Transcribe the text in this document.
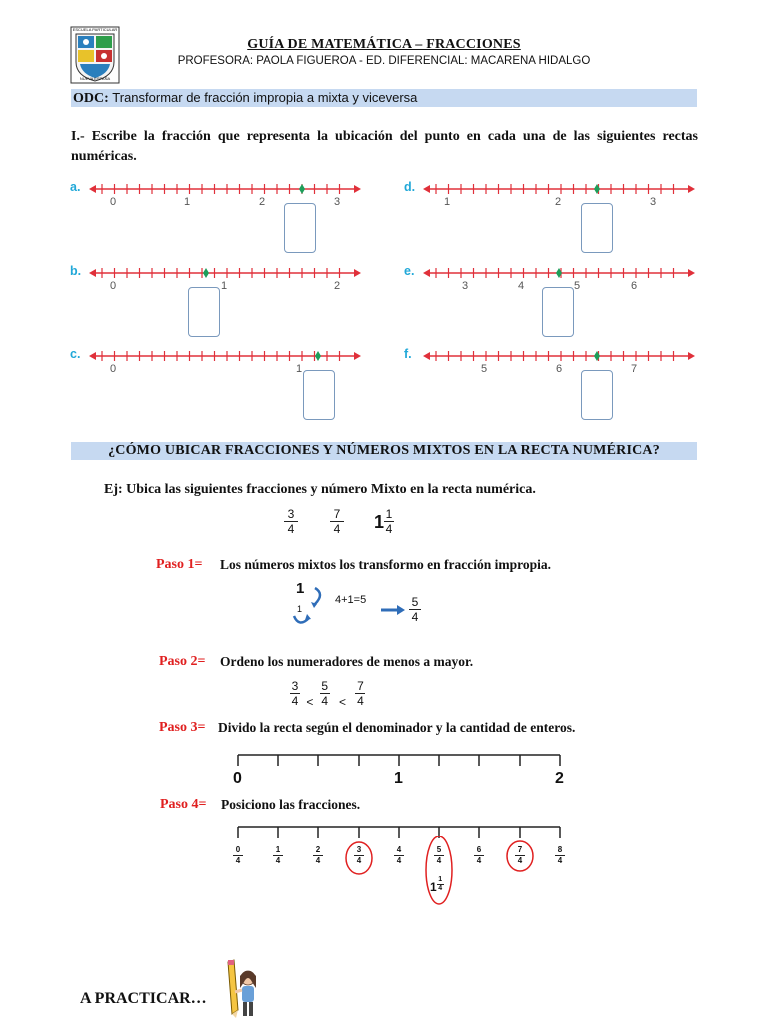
ESCUELA PARTICULAR
NUEVA ESPAÑA
GUÍA DE MATEMÁTICA – FRACCIONES
PROFESORA: PAOLA FIGUEROA - ED. DIFERENCIAL: MACARENA HIDALGO
ODC: Transformar de fracción impropia a mixta y viceversa
I.- Escribe la fracción que representa la ubicación del punto en cada una de las siguientes rectas numéricas.
a.
0	1	2	3
b.
0	1	2
c.
0	1
d.
1	2	3
e.
3	4	5	6
f.
5	6	7
¿CÓMO UBICAR FRACCIONES Y NÚMEROS MIXTOS EN LA RECTA NUMÉRICA?
Ej: Ubica las siguientes fracciones y número Mixto en la recta numérica.
$\frac{3}{4}$
	$\frac{7}{4} 1 \frac{1}{4}$
Paso 1= Los números mixtos los transformo en fracción impropia.
1
1
4+1=5	$\frac{5}{4}$
Paso 2= Ordeno los numeradores de menos a mayor.
$\frac{3}{4} < \frac{5}{4} < \frac{7}{4}$
Paso 3= Divido la recta según el denominador y la cantidad de enteros.
0	1	2
Paso 4= Posiciono las fracciones.
$\frac{0}{4}$	$\frac{1}{4}$	$\frac{2}{4}$	$\frac{3}{4}$	$\frac{4}{4}$	$\frac{5}{4}$	$\frac{6}{4}$	$\frac{7}{4}$	$\frac{8}{4}$
$^1 \frac{1}{4}$
A PRACTICAR…
